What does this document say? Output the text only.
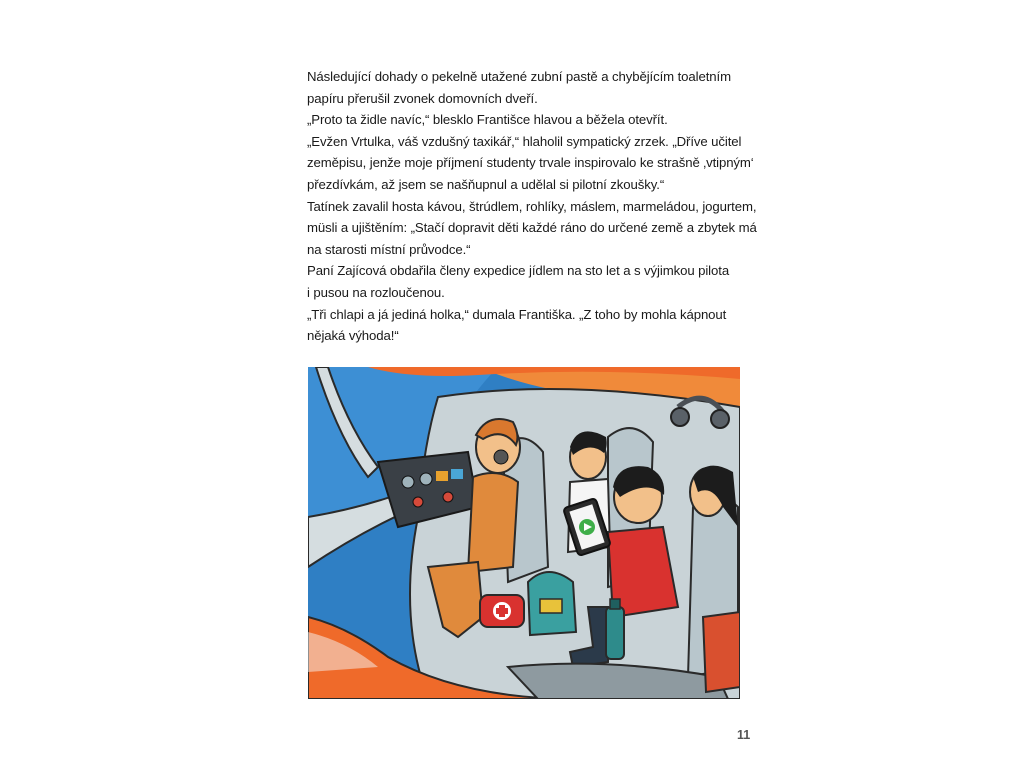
Následující dohady o pekelně utažené zubní pastě a chybějícím toaletním
papíru přerušil zvonek domovních dveří.

„Proto ta židle navíc,“ blesklo Františce hlavou a běžela otevřít.

„Evžen Vrtulka, váš vzdušný taxikář,“ hlaholil sympatický zrzek. „Dříve učitel
zeměpisu, jenže moje příjmení studenty trvale inspirovalo ke strašně ‚vtipným‘
přezdívkám, až jsem se našňupnul a udělal si pilotní zkoušky.“

Tatínek zavalil hosta kávou, štrúdlem, rohlíky, máslem, marmeládou, jogurtem,
müsli a ujištěním: „Stačí dopravit děti každé ráno do určené země a zbytek má
na starosti místní průvodce.“

Paní Zajícová obdařila členy expedice jídlem na sto let a s výjimkou pilota
i pusou na rozloučenou.

„Tři chlapi a já jediná holka,“ dumala Františka. „Z toho by mohla kápnout
nějaká výhoda!“

11
